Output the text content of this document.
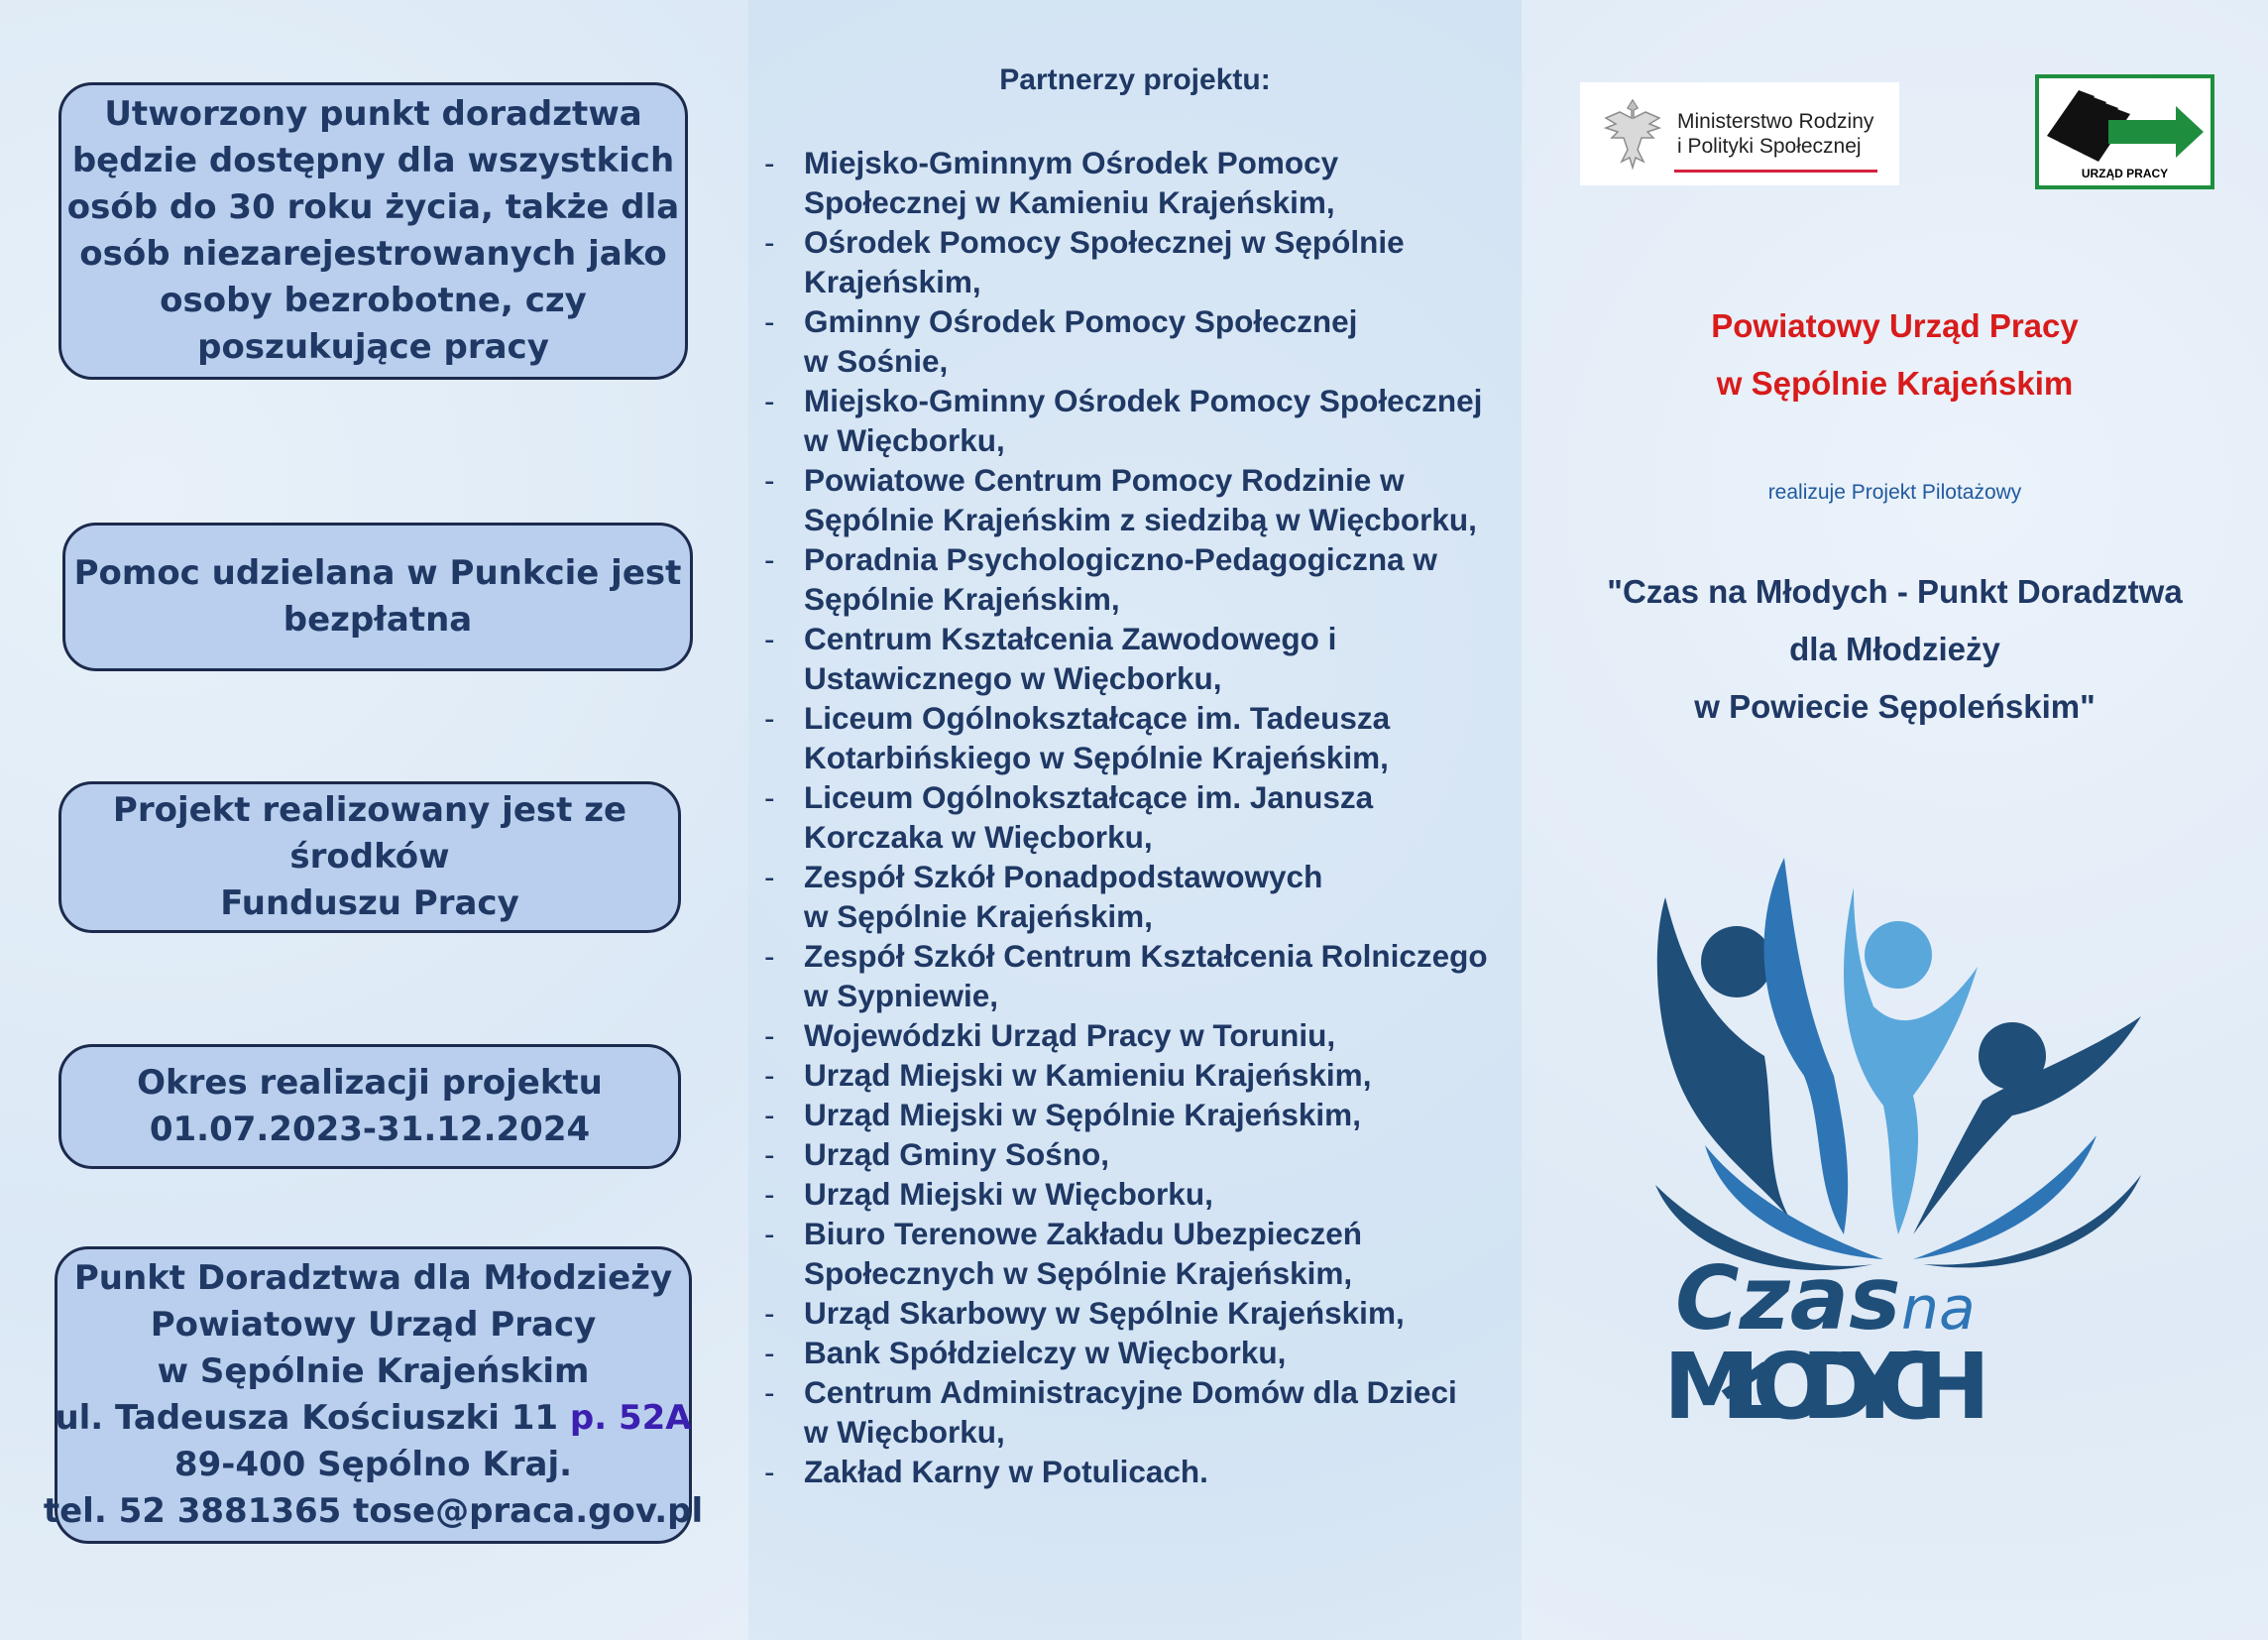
Utworzony punkt doradztwa
będzie dostępny dla wszystkich
osób do 30 roku życia, także dla
osób niezarejestrowanych jako
osoby bezrobotne, czy
poszukujące pracy
Pomoc udzielana w Punkcie jest
bezpłatna
Projekt realizowany jest ze
środków
Funduszu Pracy
Okres realizacji projektu
01.07.2023-31.12.2024
Punkt Doradztwa dla Młodzieży
Powiatowy Urząd Pracy
w Sępólnie Krajeńskim
ul. Tadeusza Kościuszki 11 p. 52A
89-400 Sępólno Kraj.
tel. 52 3881365 tose@praca.gov.pl
Partnerzy projektu:
- Miejsko-Gminnym Ośrodek Pomocy
Społecznej w Kamieniu Krajeńskim,
- Ośrodek Pomocy Społecznej w Sępólnie
Krajeńskim,
- Gminny Ośrodek Pomocy Społecznej
w Sośnie,
- Miejsko-Gminny Ośrodek Pomocy Społecznej
w Więcborku,
- Powiatowe Centrum Pomocy Rodzinie w
Sępólnie Krajeńskim z siedzibą w Więcborku,
- Poradnia Psychologiczno-Pedagogiczna w
Sępólnie Krajeńskim,
- Centrum Kształcenia Zawodowego i
Ustawicznego w Więcborku,
- Liceum Ogólnokształcące im. Tadeusza
Kotarbińskiego w Sępólnie Krajeńskim,
- Liceum Ogólnokształcące im. Janusza
Korczaka w Więcborku,
- Zespół Szkół Ponadpodstawowych
w Sępólnie Krajeńskim,
- Zespół Szkół Centrum Kształcenia Rolniczego
w Sypniewie,
- Wojewódzki Urząd Pracy w Toruniu,
- Urząd Miejski w Kamieniu Krajeńskim,
- Urząd Miejski w Sępólnie Krajeńskim,
- Urząd Gminy Sośno,
- Urząd Miejski w Więcborku,
- Biuro Terenowe Zakładu Ubezpieczeń
Społecznych w Sępólnie Krajeńskim,
- Urząd Skarbowy w Sępólnie Krajeńskim,
- Bank Spółdzielczy w Więcborku,
- Centrum Administracyjne Domów dla Dzieci
w Więcborku,
- Zakład Karny w Potulicach.
Ministerstwo Rodziny
i Polityki Społecznej
URZĄD PRACY
Powiatowy Urząd Pracy
w Sępólnie Krajeńskim

realizuje Projekt Pilotażowy

"Czas na Młodych - Punkt Doradztwa
dla Młodzieży
w Powiecie Sępoleńskim"
Czas na
MŁODYCH
